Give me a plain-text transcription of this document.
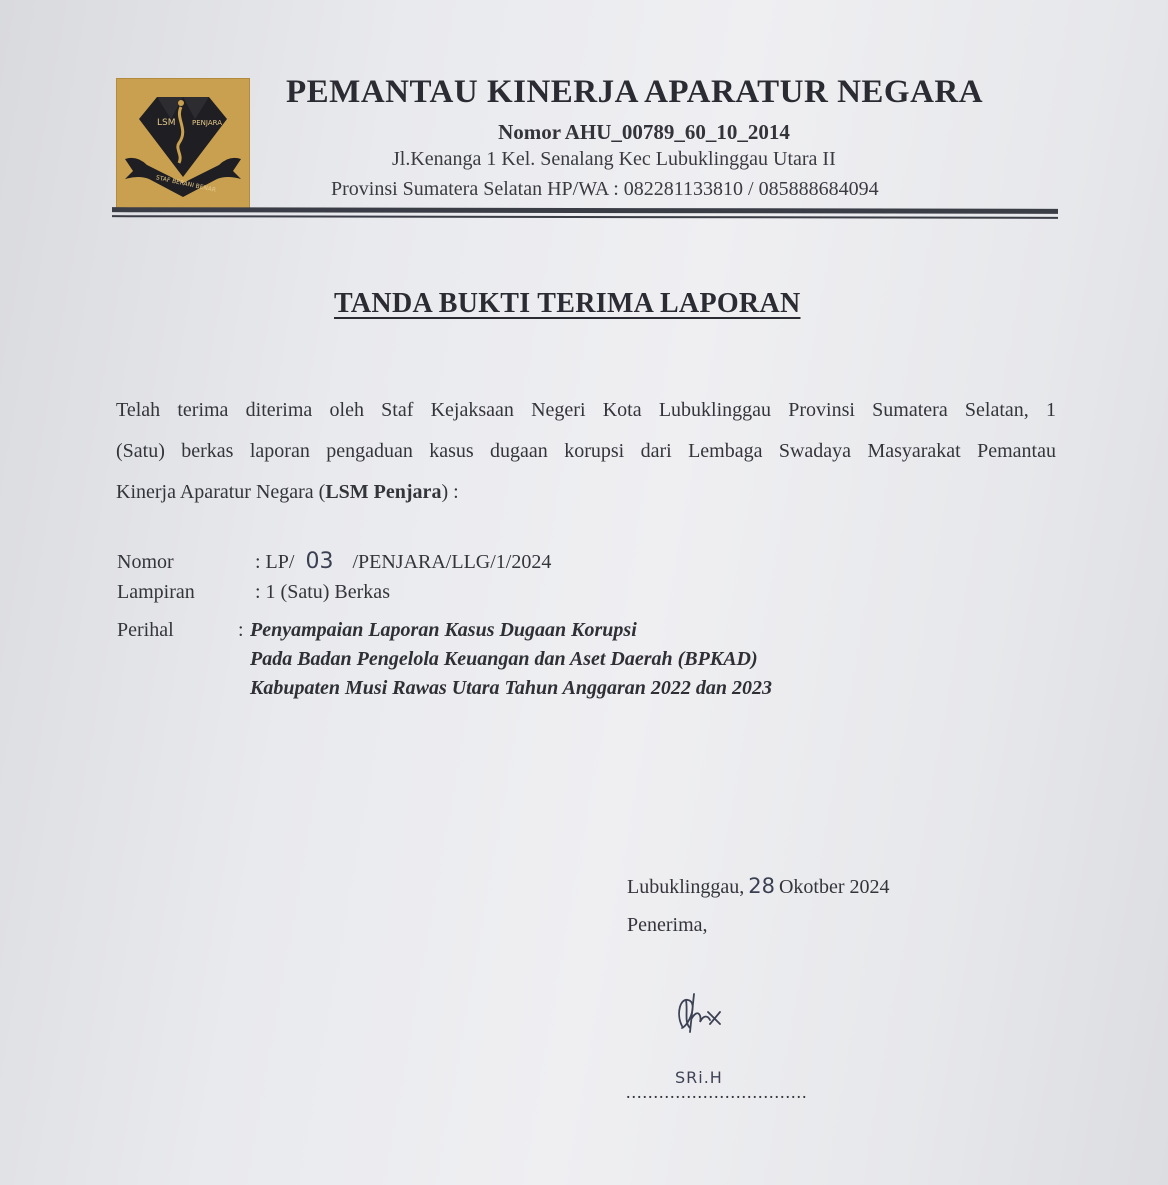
LSM PENJARA
STAF BERANI BENAR
PEMANTAU KINERJA APARATUR NEGARA
Nomor AHU_00789_60_10_2014
Jl.Kenanga 1 Kel. Senalang Kec Lubuklinggau Utara II
Provinsi Sumatera Selatan HP/WA : 082281133810 / 085888684094
TANDA BUKTI TERIMA LAPORAN
Telah terima diterima oleh Staf Kejaksaan Negeri Kota Lubuklinggau Provinsi Sumatera Selatan, 1
(Satu) berkas laporan pengaduan kasus dugaan korupsi dari Lembaga Swadaya Masyarakat Pemantau
Kinerja Aparatur Negara (LSM Penjara) :
Nomor	: LP/ 03 /PENJARA/LLG/1/2024
Lampiran	: 1 (Satu) Berkas
Perihal	: Penyampaian Laporan Kasus Dugaan Korupsi
Pada Badan Pengelola Keuangan dan Aset Daerah (BPKAD)
Kabupaten Musi Rawas Utara Tahun Anggaran 2022 dan 2023
Lubuklinggau, 28 Okotber 2024
Penerima,
SRi.H
.................................
